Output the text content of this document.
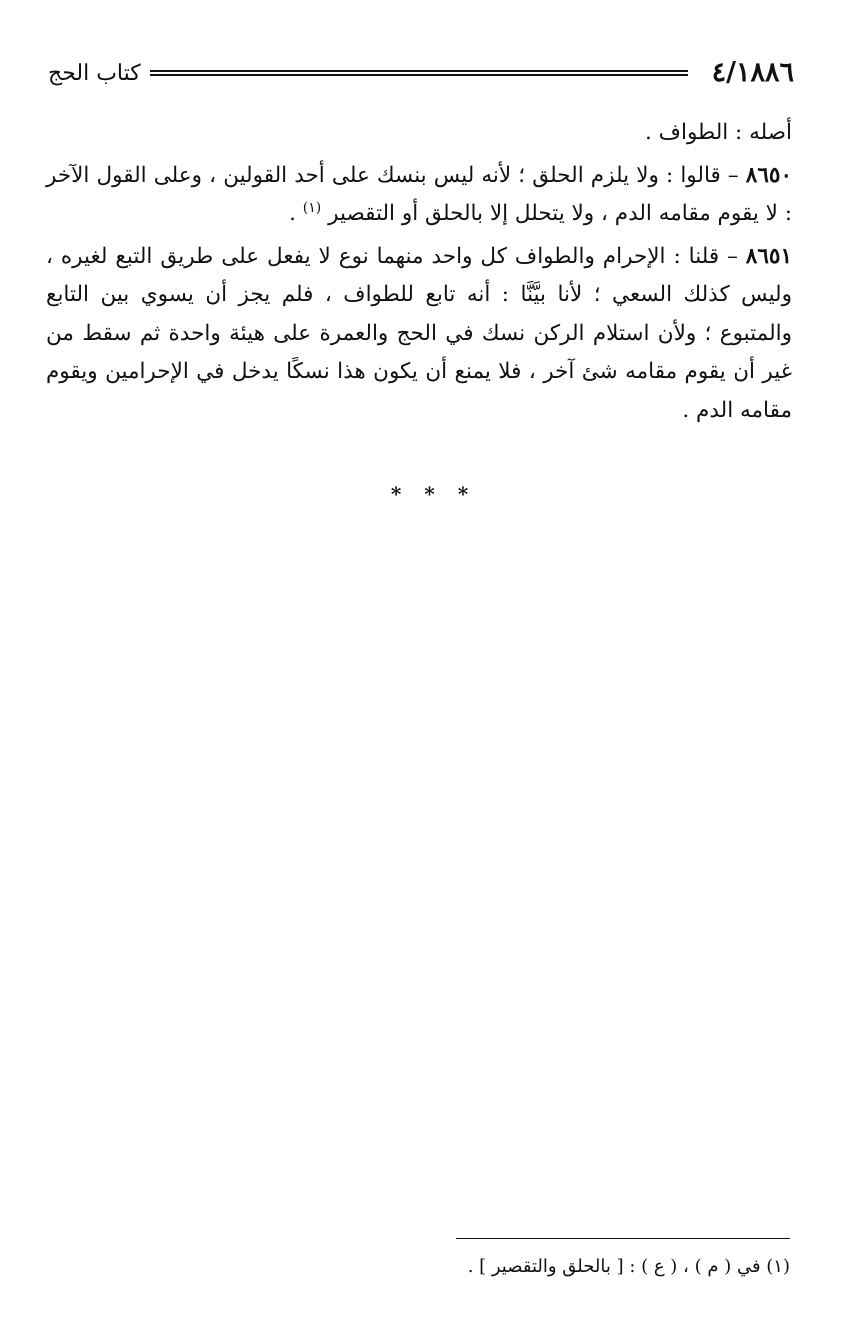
٤/١٨٨٦
كتاب الحج

أصله : الطواف .

٨٦٥٠ – قالوا : ولا يلزم الحلق ؛ لأنه ليس بنسك على أحد القولين ، وعلى القول الآخر : لا يقوم مقامه الدم ، ولا يتحلل إلا بالحلق أو التقصير $^{(١)}$ .

٨٦٥١ – قلنا : الإحرام والطواف كل واحد منهما نوع لا يفعل على طريق التبع لغيره ، وليس كذلك السعي ؛ لأنا بيَّنَّا : أنه تابع للطواف ، فلم يجز أن يسوي بين التابع والمتبوع ؛ ولأن استلام الركن نسك في الحج والعمرة على هيئة واحدة ثم سقط من غير أن يقوم مقامه شئ آخر ، فلا يمنع أن يكون هذا نسكًا يدخل في الإحرامين ويقوم مقامه الدم .

* * *
(١) في ( م ) ، ( ع ) : [ بالحلق والتقصير ] .
